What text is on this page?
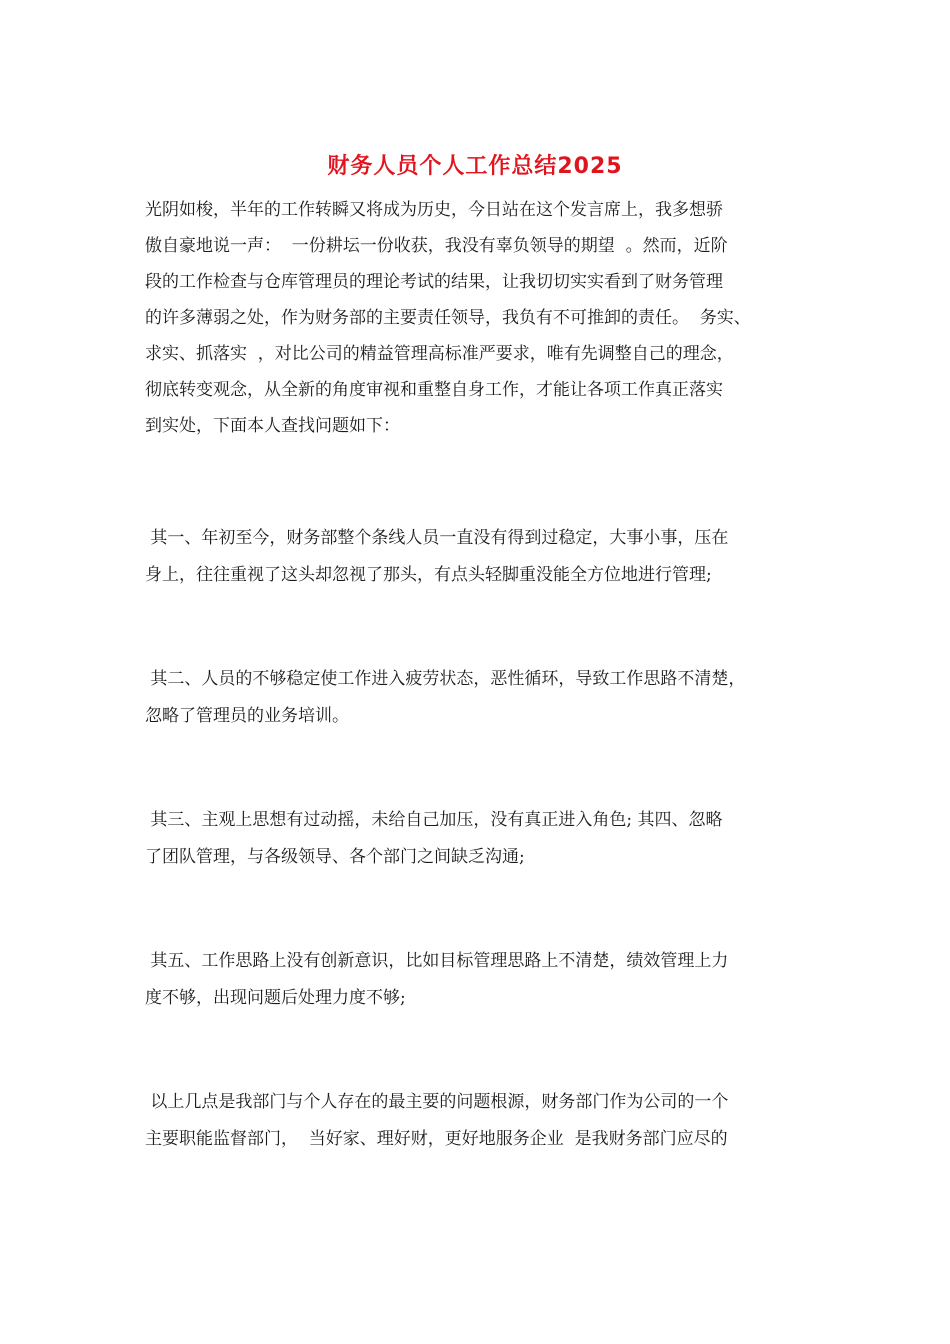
财务人员个人工作总结2025
光阴如梭，半年的工作转瞬又将成为历史，今日站在这个发言席上，我多想骄
傲自豪地说一声：  一份耕坛一份收获，我没有辜负领导的期望  。然而，近阶
段的工作检查与仓库管理员的理论考试的结果，让我切切实实看到了财务管理
的许多薄弱之处，作为财务部的主要责任领导，我负有不可推卸的责任。  务实、
求实、抓落实  ，对比公司的精益管理高标准严要求，唯有先调整自己的理念，
彻底转变观念，从全新的角度审视和重整自身工作，才能让各项工作真正落实
到实处，下面本人查找问题如下：
其一、年初至今，财务部整个条线人员一直没有得到过稳定，大事小事，压在
身上，往往重视了这头却忽视了那头，有点头轻脚重没能全方位地进行管理;
其二、人员的不够稳定使工作进入疲劳状态，恶性循环，导致工作思路不清楚，
忽略了管理员的业务培训。
其三、主观上思想有过动摇，未给自己加压，没有真正进入角色; 其四、忽略
了团队管理，与各级领导、各个部门之间缺乏沟通;
其五、工作思路上没有创新意识，比如目标管理思路上不清楚，绩效管理上力
度不够，出现问题后处理力度不够;
以上几点是我部门与个人存在的最主要的问题根源，财务部门作为公司的一个
主要职能监督部门，  当好家、理好财，更好地服务企业  是我财务部门应尽的
